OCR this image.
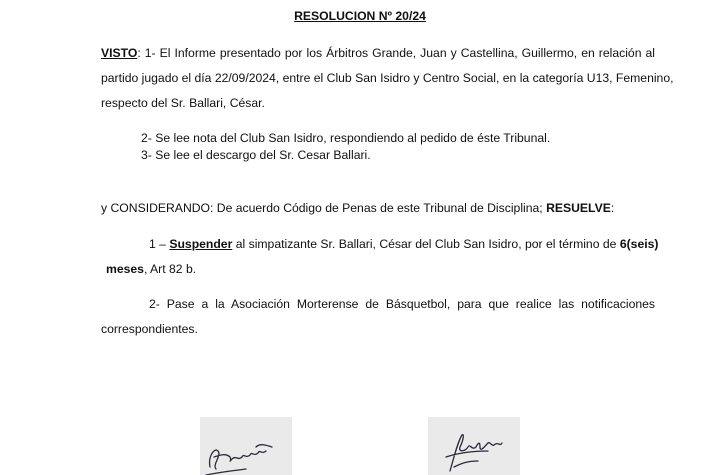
RESOLUCION Nº 20/24

VISTO: 1- El Informe presentado por los Árbitros Grande, Juan y Castellina, Guillermo, en relación al

partido jugado el día 22/09/2024, entre el Club San Isidro y Centro Social, en la categoría U13, Femenino,

respecto del Sr. Ballari, César.

2- Se lee nota del Club San Isidro, respondiendo al pedido de éste Tribunal.

3- Se lee el descargo del Sr. Cesar Ballari.

y CONSIDERANDO: De acuerdo Código de Penas de este Tribunal de Disciplina; RESUELVE:

1 – Suspender al simpatizante Sr. Ballari, César del Club San Isidro, por el término de 6(seis)

meses, Art 82 b.

2- Pase a la Asociación Morterense de Básquetbol, para que realice las notificaciones

correspondientes.
